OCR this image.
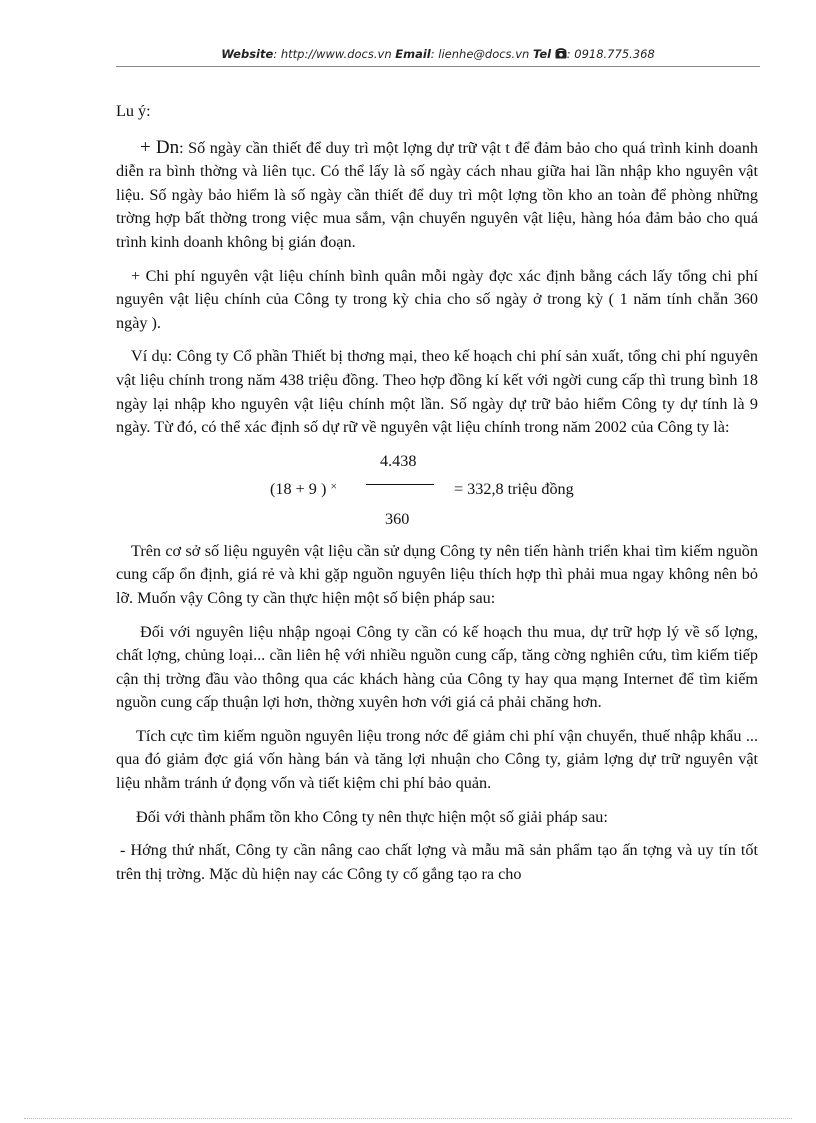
Website: http://www.docs.vn Email: lienhe@docs.vn Tel : 0918.775.368
Lu ý:
+ Dn: Số ngày cần thiết để duy trì một lợng dự trữ vật t để đảm bảo cho quá trình kinh doanh diễn ra bình thờng và liên tục. Có thể lấy là số ngày cách nhau giữa hai lần nhập kho nguyên vật liệu. Số ngày bảo hiểm là số ngày cần thiết để duy trì một lợng tồn kho an toàn để phòng những trờng hợp bất thờng trong việc mua sắm, vận chuyển nguyên vật liệu, hàng hóa đảm bảo cho quá trình kinh doanh không bị gián đoạn.
+ Chi phí nguyên vật liệu chính bình quân mỗi ngày đợc xác định bằng cách lấy tổng chi phí nguyên vật liệu chính của Công ty trong kỳ chia cho số ngày ở trong kỳ ( 1 năm tính chẵn 360 ngày ).
Ví dụ: Công ty Cổ phần Thiết bị thơng mại, theo kế hoạch chi phí sản xuất, tổng chi phí nguyên vật liệu chính trong năm 438 triệu đồng. Theo hợp đồng kí kết với ngời cung cấp thì trung bình 18 ngày lại nhập kho nguyên vật liệu chính một lần. Số ngày dự trữ bảo hiểm Công ty dự tính là 9 ngày. Từ đó, có thể xác định số dự rữ về nguyên vật liệu chính trong năm 2002 của Công ty là:
4.438
(18 + 9 ) ×	= 332,8 triệu đồng
360
Trên cơ sở số liệu nguyên vật liệu cần sử dụng Công ty nên tiến hành triển khai tìm kiếm nguồn cung cấp ổn định, giá rẻ và khi gặp nguồn nguyên liệu thích hợp thì phải mua ngay không nên bỏ lỡ. Muốn vậy Công ty cần thực hiện một số biện pháp sau:
Đối với nguyên liệu nhập ngoại Công ty cần có kế hoạch thu mua, dự trữ hợp lý về số lợng, chất lợng, chủng loại... cần liên hệ với nhiều nguồn cung cấp, tăng cờng nghiên cứu, tìm kiếm tiếp cận thị trờng đầu vào thông qua các khách hàng của Công ty hay qua mạng Internet để tìm kiếm nguồn cung cấp thuận lợi hơn, thờng xuyên hơn với giá cả phải chăng hơn.
Tích cực tìm kiếm nguồn nguyên liệu trong nớc để giảm chi phí vận chuyển, thuế nhập khẩu ... qua đó giảm đợc giá vốn hàng bán và tăng lợi nhuận cho Công ty, giảm lợng dự trữ nguyên vật liệu nhằm tránh ứ đọng vốn và tiết kiệm chi phí bảo quản.
Đối với thành phẩm tồn kho Công ty nên thực hiện một số giải pháp sau:
- Hớng thứ nhất, Công ty cần nâng cao chất lợng và mẫu mã sản phẩm tạo ấn tợng và uy tín tốt trên thị trờng. Mặc dù hiện nay các Công ty cố gắng tạo ra cho
